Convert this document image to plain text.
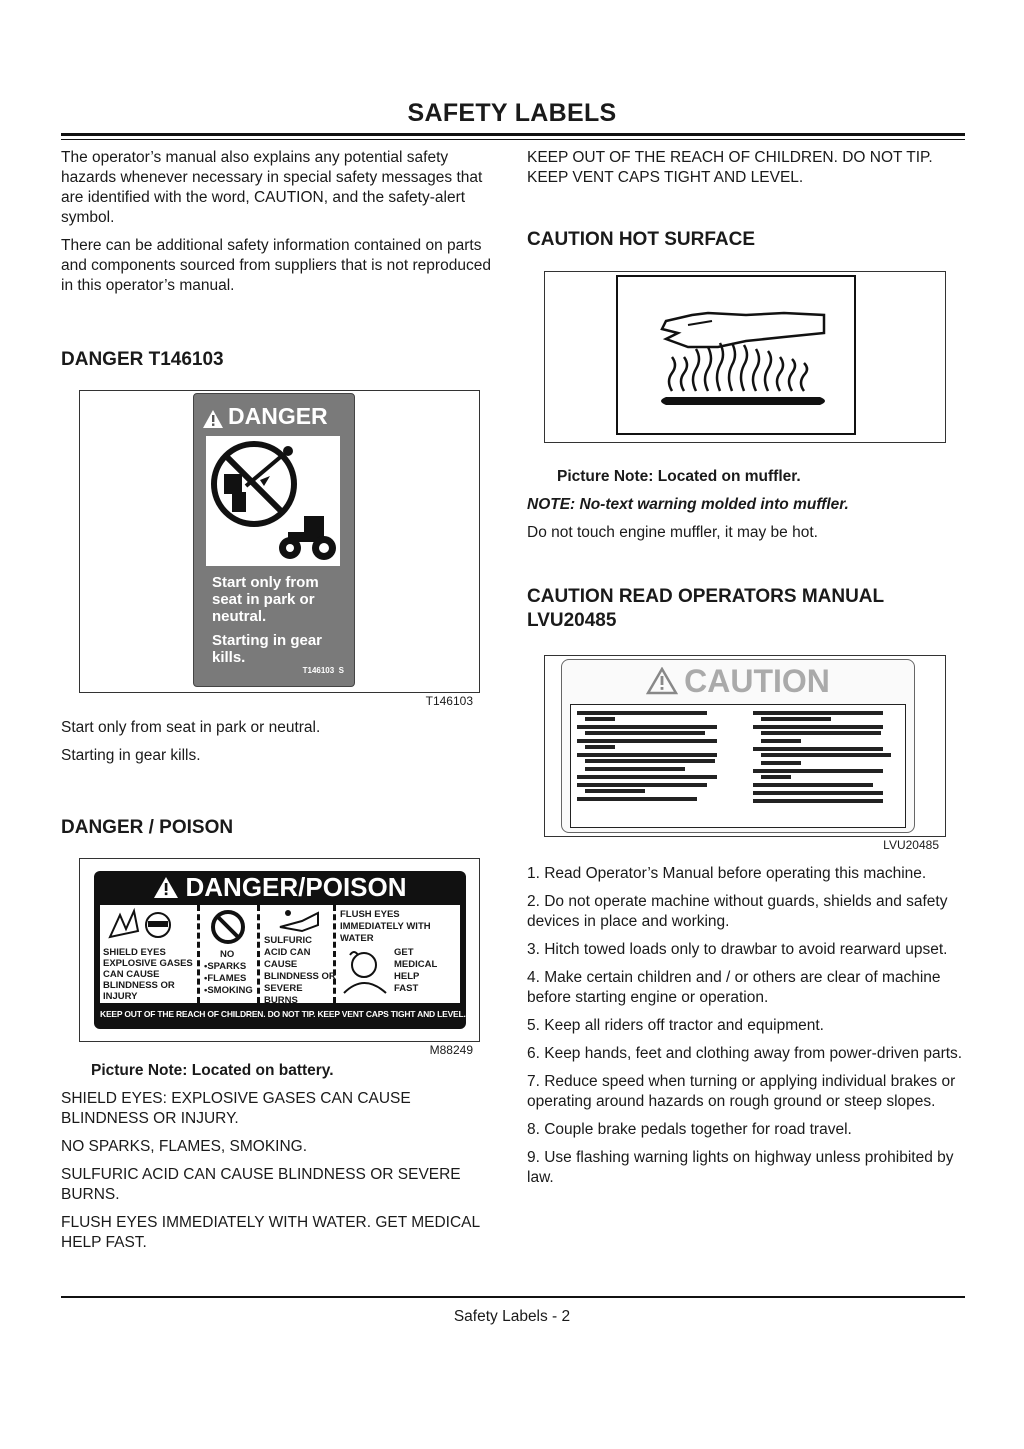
SAFETY LABELS

The operator’s manual also explains any potential safety hazards whenever necessary in special safety messages that are identified with the word, CAUTION, and the safety-alert symbol.

There can be additional safety information contained on parts and components sourced from suppliers that is not reproduced in this operator’s manual.

DANGER T146103
DANGER
Start only from seat in park or neutral.
Starting in gear kills.
T146103  S
T146103

Start only from seat in park or neutral.

Starting in gear kills.

DANGER / POISON
DANGER/POISON
SHIELD EYES EXPLOSIVE GASES CAN CAUSE BLINDNESS OR INJURY
NO
•SPARKS •FLAMES •SMOKING
SULFURIC ACID CAN CAUSE BLINDNESS OR SEVERE BURNS
FLUSH EYES IMMEDIATELY WITH WATER
GET MEDICAL HELP FAST
KEEP OUT OF THE REACH OF CHILDREN. DO NOT TIP. KEEP VENT CAPS TIGHT AND LEVEL.
M88249
Picture Note: Located on battery.

SHIELD EYES: EXPLOSIVE GASES CAN CAUSE BLINDNESS OR INJURY.

NO SPARKS, FLAMES, SMOKING.

SULFURIC ACID CAN CAUSE BLINDNESS OR SEVERE BURNS.

FLUSH EYES IMMEDIATELY WITH WATER. GET MEDICAL HELP FAST.

KEEP OUT OF THE REACH OF CHILDREN. DO NOT TIP. KEEP VENT CAPS TIGHT AND LEVEL.

CAUTION HOT SURFACE
Picture Note: Located on muffler.
NOTE: No-text warning molded into muffler.

Do not touch engine muffler, it may be hot.

CAUTION READ OPERATORS MANUAL LVU20485
CAUTION
LVU20485

1. Read Operator’s Manual before operating this machine.

2. Do not operate machine without guards, shields and safety devices in place and working.

3. Hitch towed loads only to drawbar to avoid rearward upset.

4. Make certain children and / or others are clear of machine before starting engine or operation.

5. Keep all riders off tractor and equipment.

6. Keep hands, feet and clothing away from power-driven parts.

7. Reduce speed when turning or applying individual brakes or operating around hazards on rough ground or steep slopes.

8. Couple brake pedals together for road travel.

9. Use flashing warning lights on highway unless prohibited by law.

Safety Labels - 2
